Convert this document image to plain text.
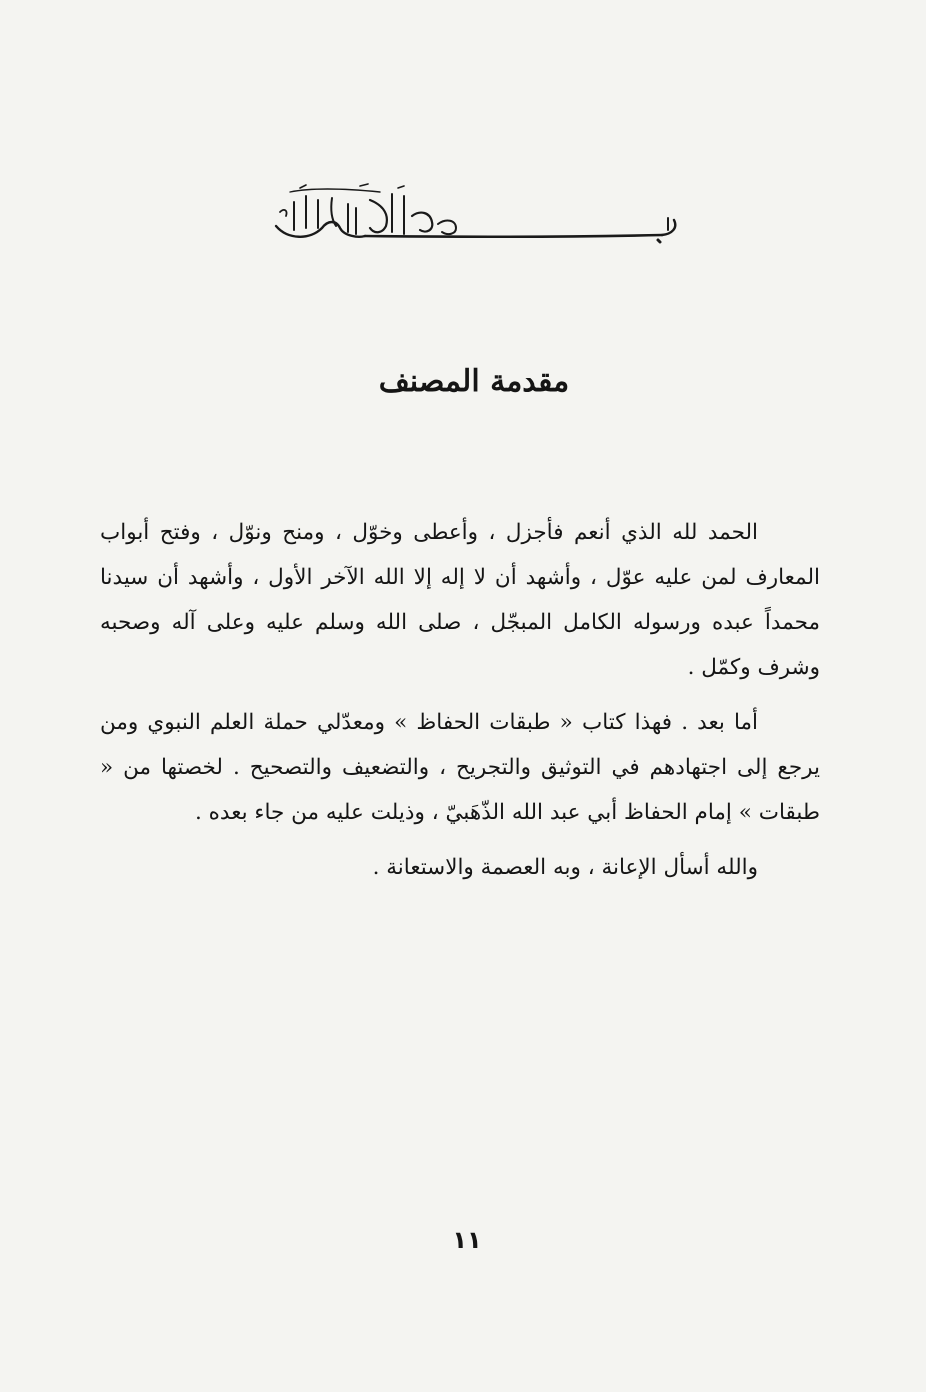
مقدمة المصنف

الحمد لله الذي أنعم فأجزل ، وأعطى وخوّل ، ومنح ونوّل ، وفتح أبواب المعارف لمن عليه عوّل ، وأشهد أن لا إله إلا الله الآخر الأول ، وأشهد أن سيدنا محمداً عبده ورسوله الكامل المبجّل ، صلى الله وسلم عليه وعلى آله وصحبه وشرف وكمّل .

أما بعد . فهذا كتاب « طبقات الحفاظ » ومعدّلي حملة العلم النبوي ومن يرجع إلى اجتهادهم في التوثيق والتجريح ، والتضعيف والتصحيح . لخصتها من « طبقات » إمام الحفاظ أبي عبد الله الذّهَبيّ ، وذيلت عليه من جاء بعده .

والله أسأل الإعانة ، وبه العصمة والاستعانة .

١١
